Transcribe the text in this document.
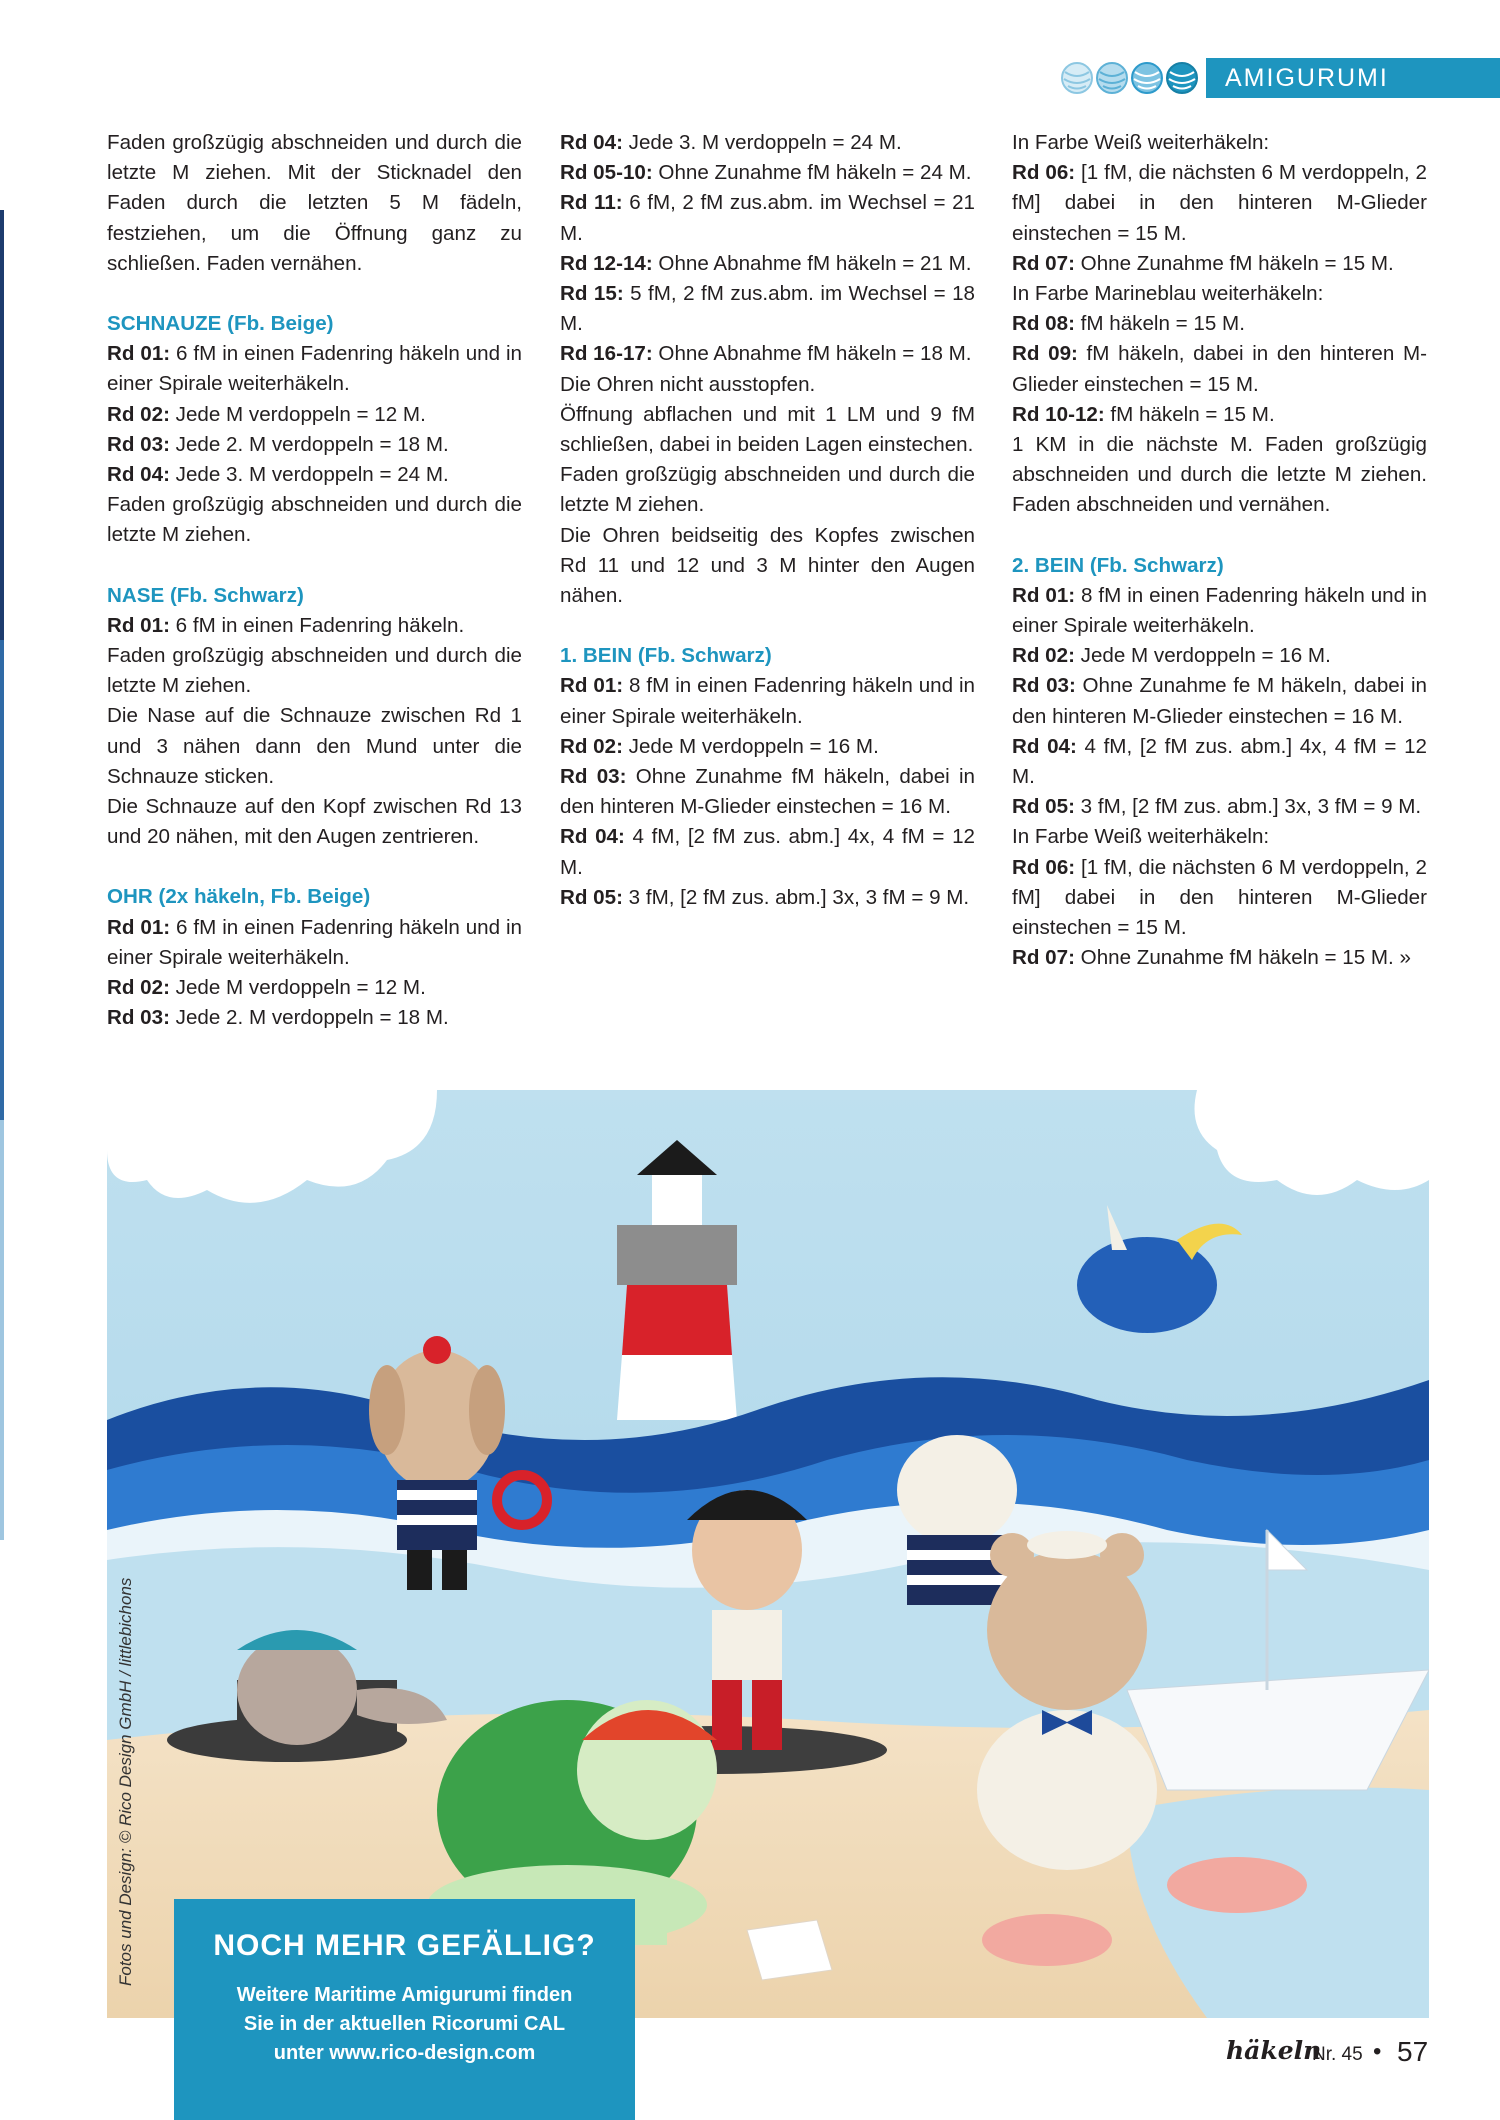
AMIGURUMI
Faden großzügig abschneiden und durch die letzte M ziehen. Mit der Sticknadel den Faden durch die letzten 5 M fädeln, festziehen, um die Öffnung ganz zu schließen. Faden vernähen.
SCHNAUZE (Fb. Beige)
Rd 01: 6 fM in einen Fadenring häkeln und in einer Spirale weiterhäkeln.
Rd 02: Jede M verdoppeln = 12 M.
Rd 03: Jede 2. M verdoppeln = 18 M.
Rd 04: Jede 3. M verdoppeln = 24 M.
Faden großzügig abschneiden und durch die letzte M ziehen.
NASE (Fb. Schwarz)
Rd 01: 6 fM in einen Fadenring häkeln.
Faden großzügig abschneiden und durch die letzte M ziehen.
Die Nase auf die Schnauze zwischen Rd 1 und 3 nähen dann den Mund unter die Schnauze sticken.
Die Schnauze auf den Kopf zwischen Rd 13 und 20 nähen, mit den Augen zentrieren.
OHR (2x häkeln, Fb. Beige)
Rd 01: 6 fM in einen Fadenring häkeln und in einer Spirale weiterhäkeln.
Rd 02: Jede M verdoppeln = 12 M.
Rd 03: Jede 2. M verdoppeln = 18 M.
Rd 04: Jede 3. M verdoppeln = 24 M.
Rd 05-10: Ohne Zunahme fM häkeln = 24 M.
Rd 11: 6 fM, 2 fM zus.abm. im Wechsel = 21 M.
Rd 12-14: Ohne Abnahme fM häkeln = 21 M.
Rd 15: 5 fM, 2 fM zus.abm. im Wechsel = 18 M.
Rd 16-17: Ohne Abnahme fM häkeln = 18 M.
Die Ohren nicht ausstopfen.
Öffnung abflachen und mit 1 LM und 9 fM schließen, dabei in beiden Lagen einstechen.
Faden großzügig abschneiden und durch die letzte M ziehen.
Die Ohren beidseitig des Kopfes zwischen Rd 11 und 12 und 3 M hinter den Augen nähen.
1. BEIN (Fb. Schwarz)
Rd 01: 8 fM in einen Fadenring häkeln und in einer Spirale weiterhäkeln.
Rd 02: Jede M verdoppeln = 16 M.
Rd 03: Ohne Zunahme fM häkeln, dabei in den hinteren M-Glieder einstechen = 16 M.
Rd 04: 4 fM, [2 fM zus. abm.] 4x, 4 fM = 12 M.
Rd 05: 3 fM, [2 fM zus. abm.] 3x, 3 fM = 9 M.
In Farbe Weiß weiterhäkeln:
Rd 06: [1 fM, die nächsten 6 M verdoppeln, 2 fM] dabei in den hinteren M-Glieder einstechen = 15 M.
Rd 07: Ohne Zunahme fM häkeln = 15 M.
In Farbe Marineblau weiterhäkeln:
Rd 08: fM häkeln = 15 M.
Rd 09: fM häkeln, dabei in den hinteren M-Glieder einstechen = 15 M.
Rd 10-12: fM häkeln = 15 M.
1 KM in die nächste M. Faden großzügig abschneiden und durch die letzte M ziehen. Faden abschneiden und vernähen.
2. BEIN (Fb. Schwarz)
Rd 01: 8 fM in einen Fadenring häkeln und in einer Spirale weiterhäkeln.
Rd 02: Jede M verdoppeln = 16 M.
Rd 03: Ohne Zunahme fe M häkeln, dabei in den hinteren M-Glieder einstechen = 16 M.
Rd 04: 4 fM, [2 fM zus. abm.] 4x, 4 fM = 12 M.
Rd 05: 3 fM, [2 fM zus. abm.] 3x, 3 fM = 9 M.
In Farbe Weiß weiterhäkeln:
Rd 06: [1 fM, die nächsten 6 M verdoppeln, 2 fM] dabei in den hinteren M-Glieder einstechen = 15 M.
Rd 07: Ohne Zunahme fM häkeln = 15 M. »
Fotos und Design: © Rico Design GmbH / littlebichons	NOCH MEHR GEFÄLLIG?
Weitere Maritime Amigurumi finden
Sie in der aktuellen Ricorumi CAL
unter www.rico-design.com	häkeln
Nr. 45 • 57
